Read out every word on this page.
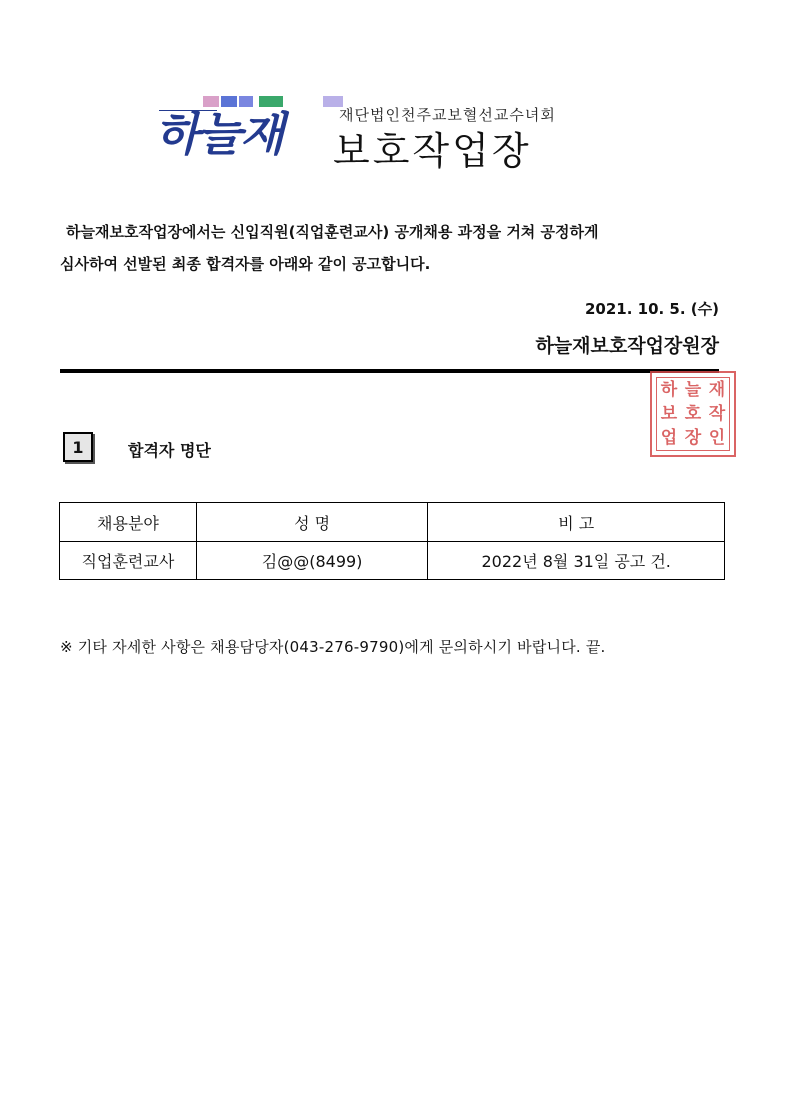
하늘재	재단법인천주교보혈선교수녀회
보호작업장

하늘재보호작업장에서는 신입직원(직업훈련교사) 공개채용 과정을 거쳐 공정하게

심사하여 선발된 최종 합격자를 아래와 같이 공고합니다.

2021. 10. 5. (수)
하늘재보호작업장원장
하 늘 재
보 호 작
업 장 인
1	합격자 명단
채용분야	성 명	비 고
직업훈련교사	김@@(8499)	2022년 8월 31일 공고 건.
※ 기타 자세한 사항은 채용담당자(043-276-9790)에게 문의하시기 바랍니다. 끝.
